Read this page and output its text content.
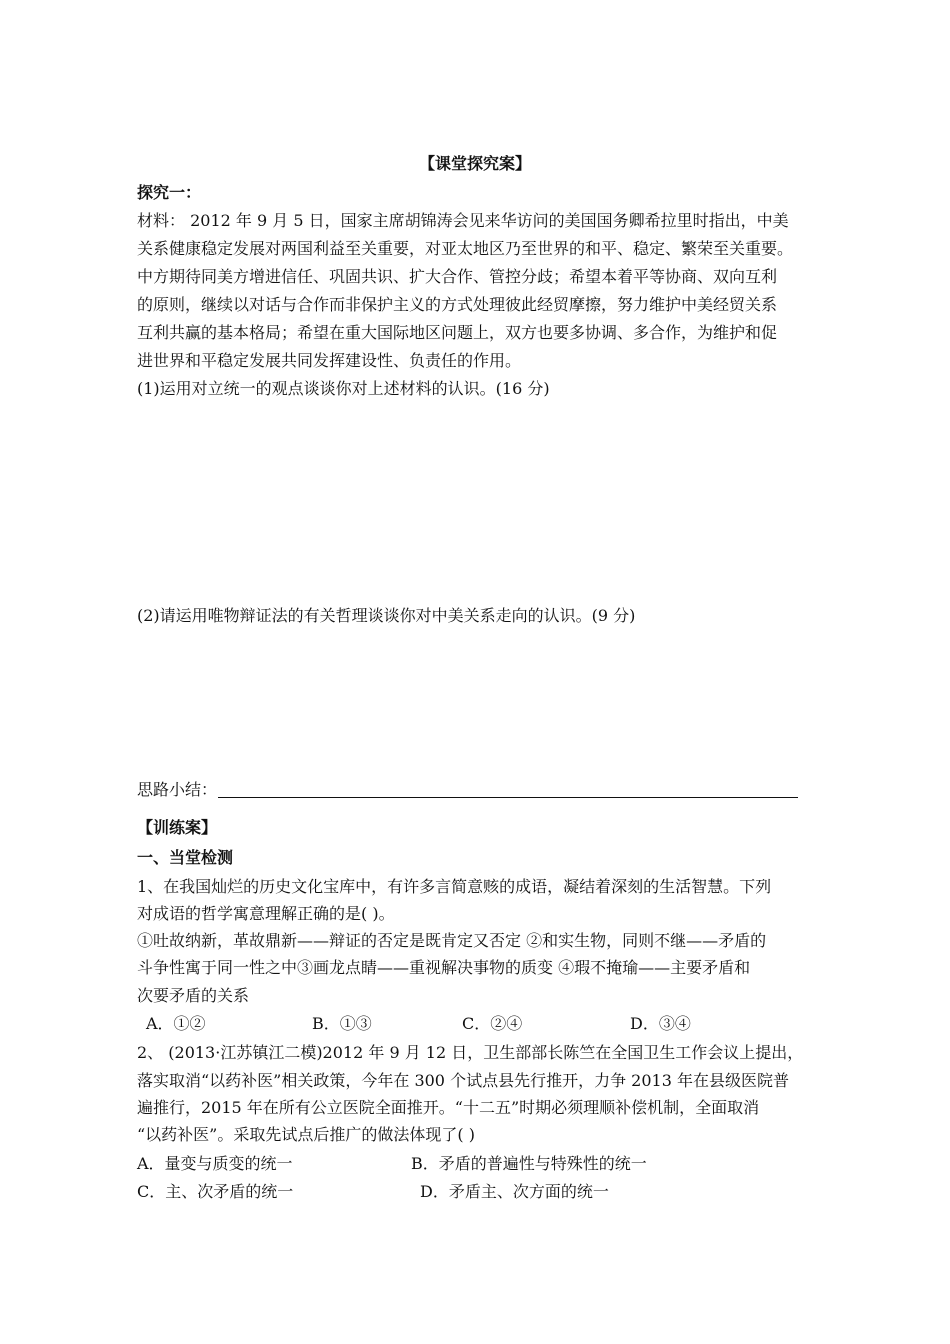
【课堂探究案】
探究一：
材料： 2012 年 9 月 5 日，国家主席胡锦涛会见来华访问的美国国务卿希拉里时指出，中美
关系健康稳定发展对两国利益至关重要，对亚太地区乃至世界的和平、稳定、繁荣至关重要。
中方期待同美方增进信任、巩固共识、扩大合作、管控分歧；希望本着平等协商、双向互利
的原则，继续以对话与合作而非保护主义的方式处理彼此经贸摩擦，努力维护中美经贸关系
互利共赢的基本格局；希望在重大国际地区问题上，双方也要多协调、多合作，为维护和促
进世界和平稳定发展共同发挥建设性、负责任的作用。
(1)运用对立统一的观点谈谈你对上述材料的认识。(16 分)
(2)请运用唯物辩证法的有关哲理谈谈你对中美关系走向的认识。(9 分)
思路小结：
【训练案】
一、当堂检测
1、在我国灿烂的历史文化宝库中，有许多言简意赅的成语，凝结着深刻的生活智慧。下列
对成语的哲学寓意理解正确的是( )。
①吐故纳新，革故鼎新——辩证的否定是既肯定又否定 ②和实生物，同则不继——矛盾的
斗争性寓于同一性之中③画龙点睛——重视解决事物的质变 ④瑕不掩瑜——主要矛盾和
次要矛盾的关系
A．①②	B．①③	C．②④	D．③④
2、 (2013·江苏镇江二模)2012 年 9 月 12 日，卫生部部长陈竺在全国卫生工作会议上提出，
落实取消“以药补医”相关政策，今年在 300 个试点县先行推开，力争 2013 年在县级医院普
遍推行，2015 年在所有公立医院全面推开。“十二五”时期必须理顺补偿机制，全面取消
“以药补医”。采取先试点后推广的做法体现了( )
A．量变与质变的统一	B．矛盾的普遍性与特殊性的统一
C．主、次矛盾的统一	D．矛盾主、次方面的统一
